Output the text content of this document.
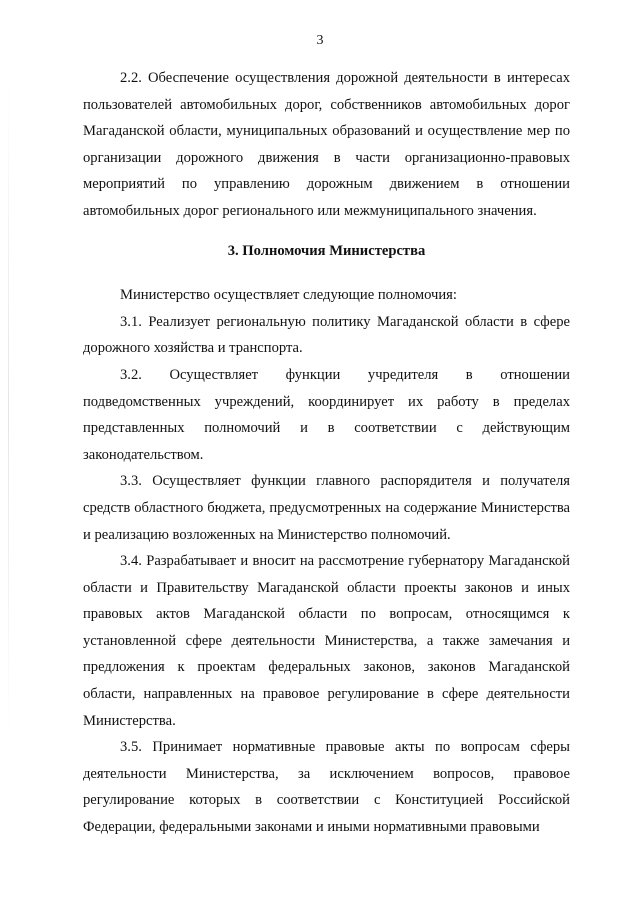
3

2.2. Обеспечение осуществления дорожной деятельности в интересах пользователей автомобильных дорог, собственников автомобильных дорог Магаданской области, муниципальных образований и осуществление мер по организации дорожного движения в части организационно-правовых мероприятий по управлению дорожным движением в отношении автомобильных дорог регионального или межмуниципального значения.

3. Полномочия Министерства

Министерство осуществляет следующие полномочия:

3.1. Реализует региональную политику Магаданской области в сфере дорожного хозяйства и транспорта.

3.2. Осуществляет функции учредителя в отношении подведомственных учреждений, координирует их работу в пределах представленных полномочий и в соответствии с действующим законодательством.

3.3. Осуществляет функции главного распорядителя и получателя средств областного бюджета, предусмотренных на содержание Министерства и реализацию возложенных на Министерство полномочий.

3.4. Разрабатывает и вносит на рассмотрение губернатору Магаданской области и Правительству Магаданской области проекты законов и иных правовых актов Магаданской области по вопросам, относящимся к установленной сфере деятельности Министерства, а также замечания и предложения к проектам федеральных законов, законов Магаданской области, направленных на правовое регулирование в сфере деятельности Министерства.

3.5. Принимает нормативные правовые акты по вопросам сферы деятельности Министерства, за исключением вопросов, правовое регулирование которых в соответствии с Конституцией Российской Федерации, федеральными законами и иными нормативными правовыми
